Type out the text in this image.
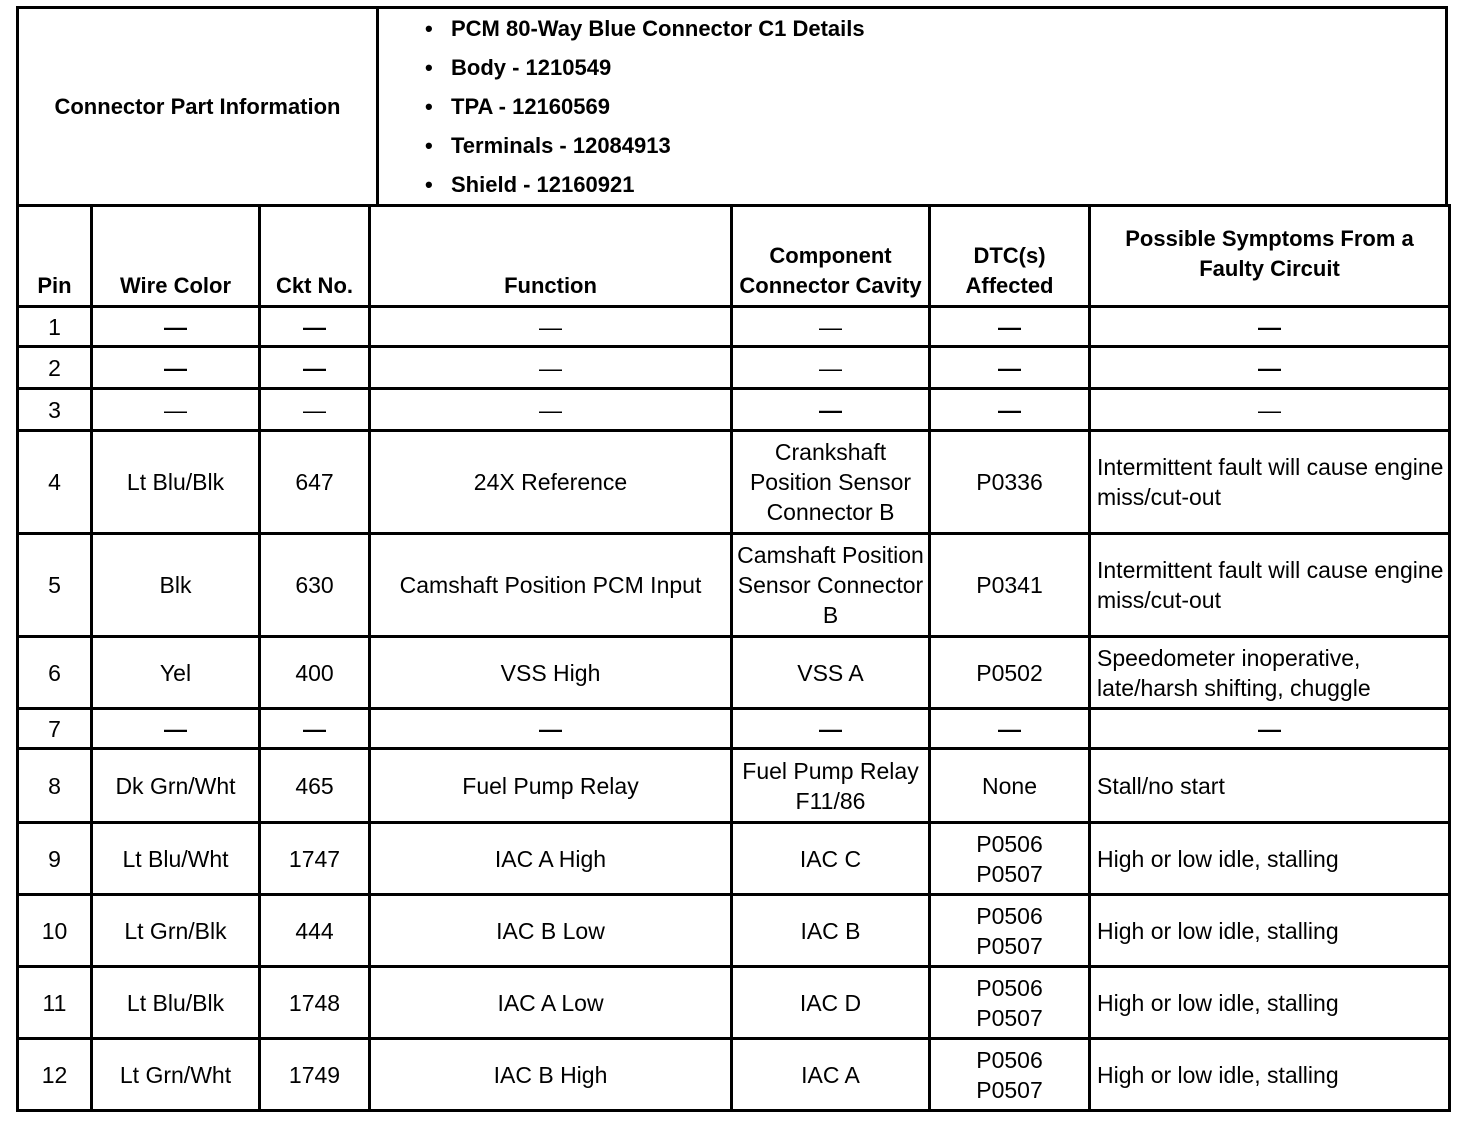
Connector Part Information	
• PCM 80-Way Blue Connector C1 Details
• Body - 1210549
• TPA - 12160569
• Terminals - 12084913
• Shield - 12160921
Pin	Wire Color	Ckt No.	Function	Component Connector Cavity	DTC(s) Affected	Possible Symptoms From a Faulty Circuit
1	—	—	—	—	—	—
2	—	—	—	—	—	—
3	—	—	—	—	—	—
4	Lt Blu/Blk	647	24X Reference	Crankshaft Position Sensor Connector B	P0336	Intermittent fault will cause engine miss/cut-out
5	Blk	630	Camshaft Position PCM Input	Camshaft Position Sensor Connector B	P0341	Intermittent fault will cause engine miss/cut-out
6	Yel	400	VSS High	VSS A	P0502	Speedometer inoperative, late/harsh shifting, chuggle
7	—	—	—	—	—	—
8	Dk Grn/Wht	465	Fuel Pump Relay	Fuel Pump Relay F11/86	None	Stall/no start
9	Lt Blu/Wht	1747	IAC A High	IAC C	P0506 P0507	High or low idle, stalling
10	Lt Grn/Blk	444	IAC B Low	IAC B	P0506 P0507	High or low idle, stalling
11	Lt Blu/Blk	1748	IAC A Low	IAC D	P0506 P0507	High or low idle, stalling
12	Lt Grn/Wht	1749	IAC B High	IAC A	P0506 P0507	High or low idle, stalling
